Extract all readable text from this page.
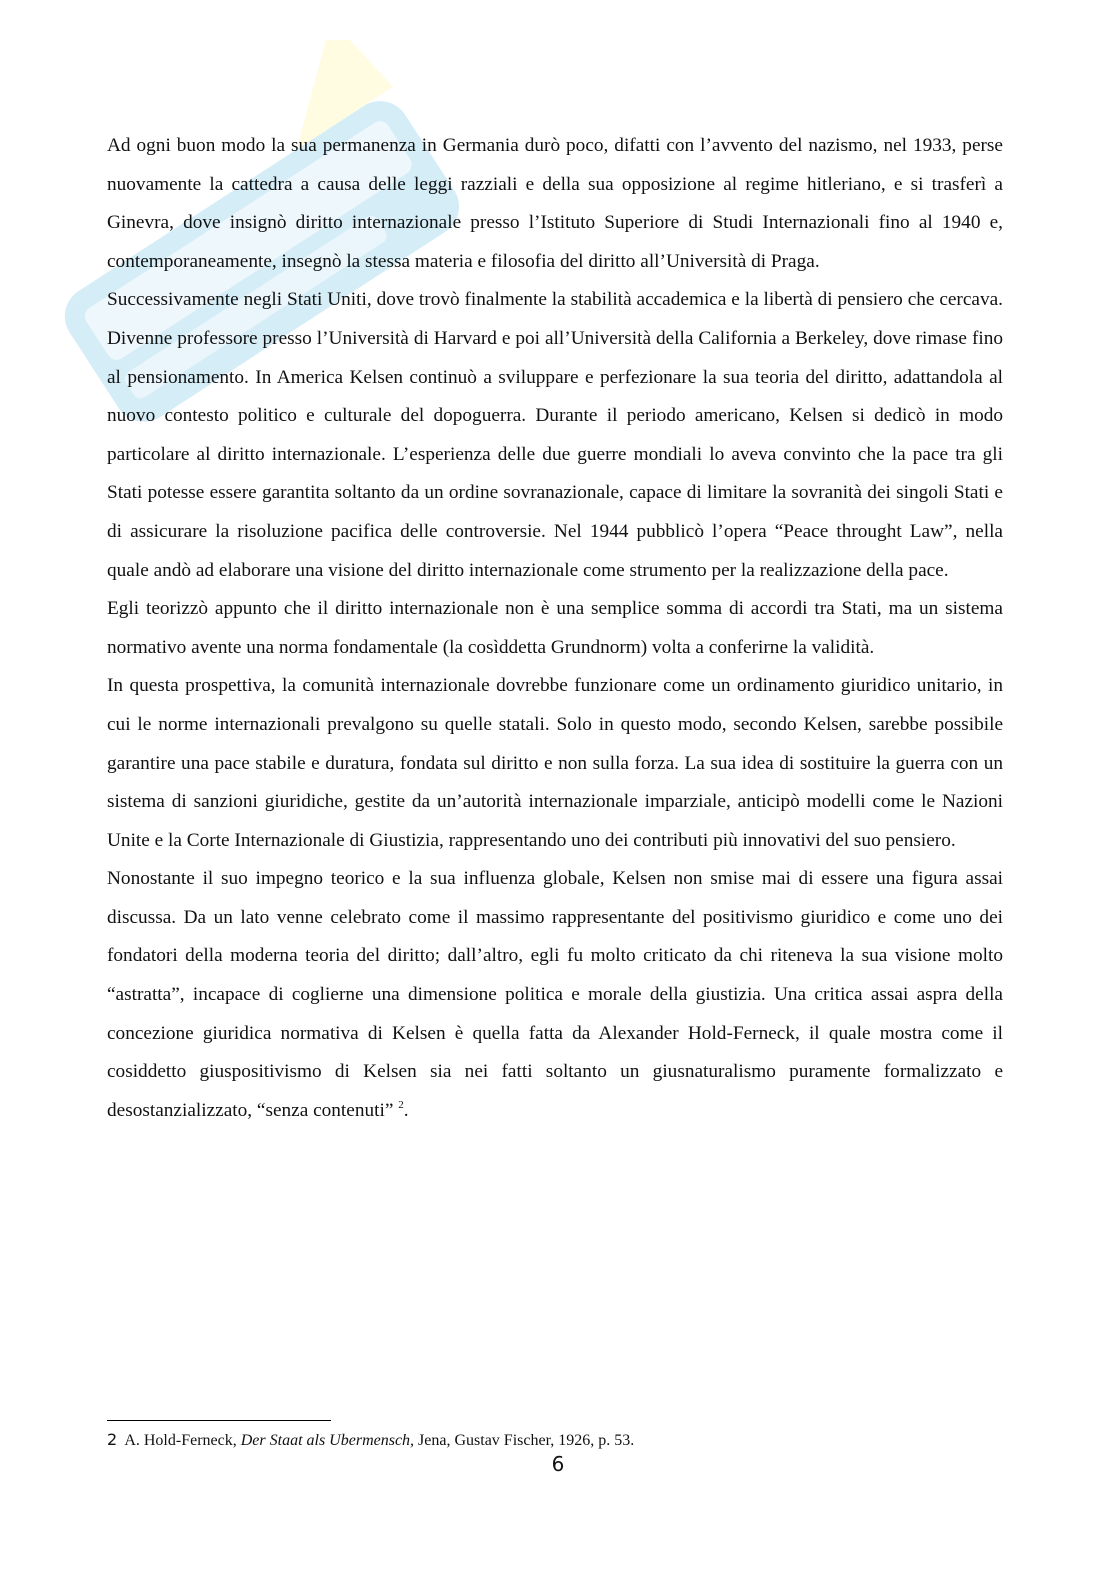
Ad ogni buon modo la sua permanenza in Germania durò poco, difatti con l’avvento del nazismo, nel 1933, perse nuovamente la cattedra a causa delle leggi razziali e della sua opposizione al regime hitleriano, e si trasferì a Ginevra, dove insignò diritto internazionale presso l’Istituto Superiore di Studi Internazionali fino al 1940 e, contemporaneamente, insegnò la stessa materia e filosofia del diritto all’Università di Praga.

Successivamente negli Stati Uniti, dove trovò finalmente la stabilità accademica e la libertà di pensiero che cercava. Divenne professore presso l’Università di Harvard e poi all’Università della California a Berkeley, dove rimase fino al pensionamento. In America Kelsen continuò a sviluppare e perfezionare la sua teoria del diritto, adattandola al nuovo contesto politico e culturale del dopoguerra. Durante il periodo americano, Kelsen si dedicò in modo particolare al diritto internazionale. L’esperienza delle due guerre mondiali lo aveva convinto che la pace tra gli Stati potesse essere garantita soltanto da un ordine sovranazionale, capace di limitare la sovranità dei singoli Stati e di assicurare la risoluzione pacifica delle controversie. Nel 1944 pubblicò l’opera “Peace throught Law”, nella quale andò ad elaborare una visione del diritto internazionale come strumento per la realizzazione della pace.

Egli teorizzò appunto che il diritto internazionale non è una semplice somma di accordi tra Stati, ma un sistema normativo avente una norma fondamentale (la cosìddetta Grundnorm) volta a conferirne la validità.

In questa prospettiva, la comunità internazionale dovrebbe funzionare come un ordinamento giuridico unitario, in cui le norme internazionali prevalgono su quelle statali. Solo in questo modo, secondo Kelsen, sarebbe possibile garantire una pace stabile e duratura, fondata sul diritto e non sulla forza. La sua idea di sostituire la guerra con un sistema di sanzioni giuridiche, gestite da un’autorità internazionale imparziale, anticipò modelli come le Nazioni Unite e la Corte Internazionale di Giustizia, rappresentando uno dei contributi più innovativi del suo pensiero.

Nonostante il suo impegno teorico e la sua influenza globale, Kelsen non smise mai di essere una figura assai discussa. Da un lato venne celebrato come il massimo rappresentante del positivismo giuridico e come uno dei fondatori della moderna teoria del diritto; dall’altro, egli fu molto criticato da chi riteneva la sua visione molto “astratta”, incapace di coglierne una dimensione politica e morale della giustizia. Una critica assai aspra della concezione giuridica normativa di Kelsen è quella fatta da Alexander Hold-Ferneck, il quale mostra come il cosiddetto giuspositivismo di Kelsen sia nei fatti soltanto un giusnaturalismo puramente formalizzato e desostanzializzato, “senza contenuti” $^2$.

2 A. Hold-Ferneck, Der Staat als Ubermensch, Jena, Gustav Fischer, 1926, p. 53.
6
